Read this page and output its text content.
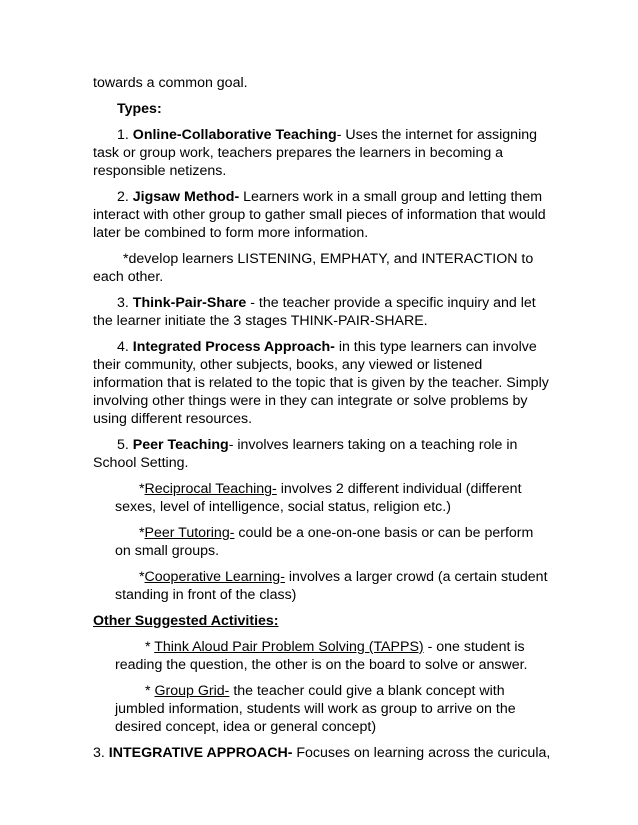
towards a common goal.

Types:

1. Online-Collaborative Teaching- Uses the internet for assigning task or group work, teachers prepares the learners in becoming a responsible netizens.

2. Jigsaw Method- Learners work in a small group and letting them interact with other group to gather small pieces of information that would later be combined to form more information.

*develop learners LISTENING, EMPHATY, and INTERACTION to each other.

3. Think-Pair-Share - the teacher provide a specific inquiry and let the learner initiate the 3 stages THINK-PAIR-SHARE.

4. Integrated Process Approach- in this type learners can involve their community, other subjects, books, any viewed or listened information that is related to the topic that is given by the teacher. Simply involving other things were in they can integrate or solve problems by using different resources.

5. Peer Teaching- involves learners taking on a teaching role in School Setting.

*Reciprocal Teaching- involves 2 different individual (different sexes, level of intelligence, social status, religion etc.)

*Peer Tutoring- could be a one-on-one basis or can be perform on small groups.

*Cooperative Learning- involves a larger crowd (a certain student standing in front of the class)

Other Suggested Activities:

* Think Aloud Pair Problem Solving (TAPPS) - one student is reading the question, the other is on the board to solve or answer.

* Group Grid- the teacher could give a blank concept with jumbled information, students will work as group to arrive on the desired concept, idea or general concept)

3. INTEGRATIVE APPROACH- Focuses on learning across the curicula,
